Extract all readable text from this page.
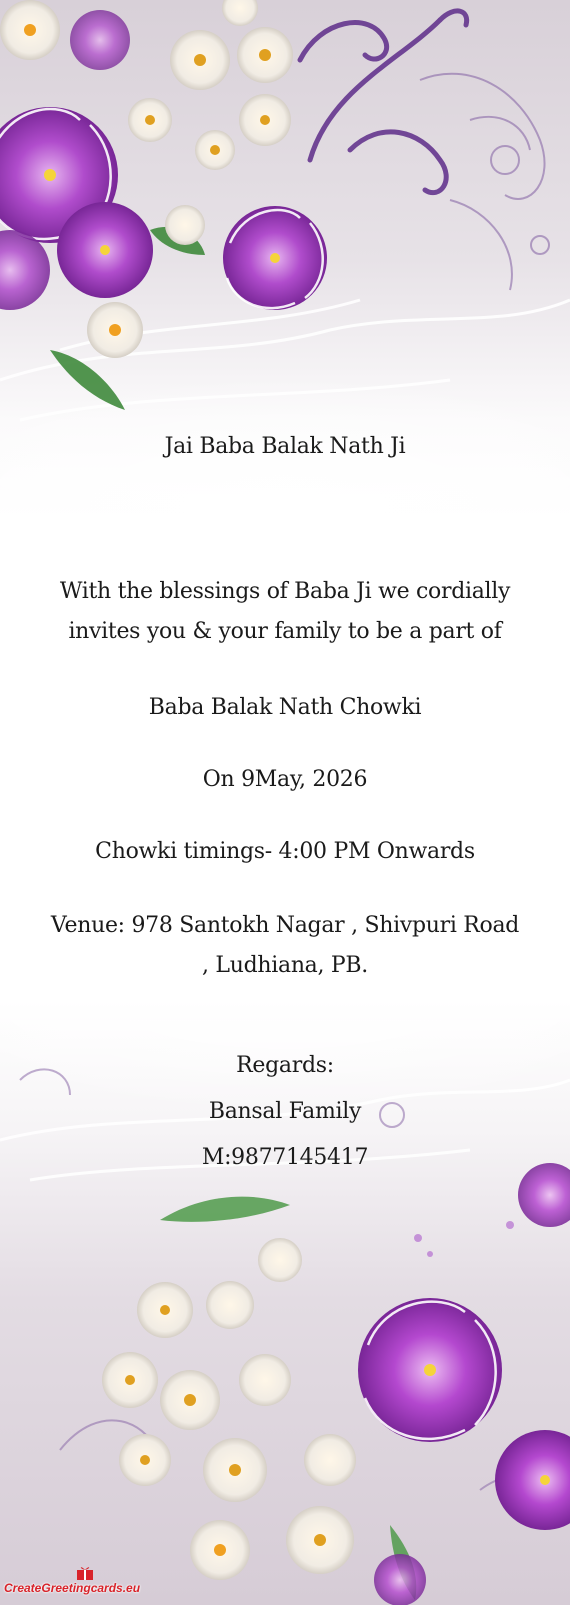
Jai Baba Balak Nath Ji
With the blessings of Baba Ji we cordially invites you & your family to be a part of
Baba Balak Nath Chowki
On 9May, 2026
Chowki timings- 4:00 PM Onwards
Venue: 978 Santokh Nagar , Shivpuri Road , Ludhiana, PB.
Regards:
Bansal Family
M:9877145417
CreateGreetingcards.eu
